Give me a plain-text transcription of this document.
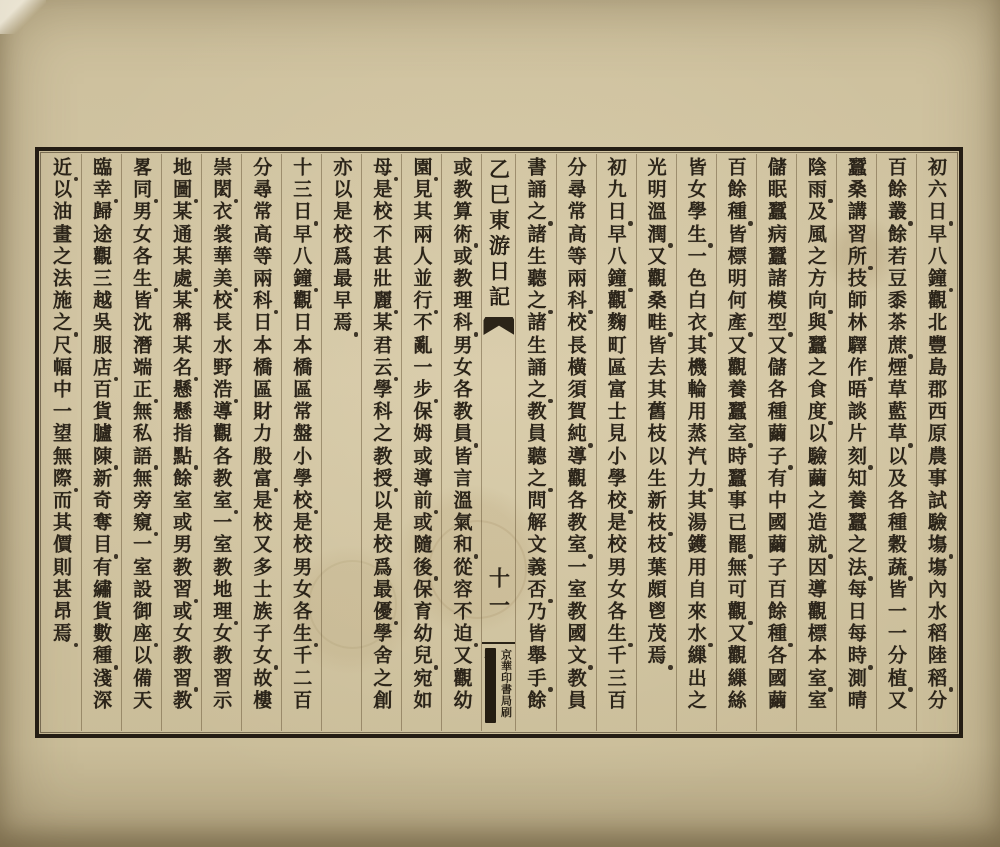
初六日早八鐘觀北豐島郡西原農事試驗塲塲內水稻陸稻分
百餘叢餘若豆黍茶蔗煙草藍草以及各種穀蔬皆一一分植又
蠶桑講習所技師林驛作晤談片刻知養蠶之法每日每時測晴
陰雨及風之方向與蠶之食度以驗繭之造就因導觀標本室室
儲眠蠶病蠶諸模型又儲各種繭子有中國繭子百餘種各國繭
百餘種皆標明何產又觀養蠶室時蠶事已罷無可觀又觀繅絲
皆女學生一色白衣其機輪用蒸汽力其湯鑊用自來水繅出之
光明溫潤又觀桑畦皆去其舊枝以生新枝枝葉頗鬯茂焉
初九日早八鐘觀麴町區富士見小學校是校男女各生千三百
分尋常高等兩科校長橫須賀純導觀各教室一室教國文教員
書誦之諸生聽之諸生誦之教員聽之問解文義否乃皆舉手餘
乙巳東游日記
十一
京華印書局刷印
或教算術或教理科男女各教員皆言溫氣和從容不迫又觀幼
園見其兩人並行不亂一步保姆或導前或隨後保育幼兒宛如
母是校不甚壯麗某君云學科之教授以是校爲最優學舍之創
亦以是校爲最早焉
十三日早八鐘觀日本橋區常盤小學校是校男女各生千二百
分尋常高等兩科日本橋區財力殷富是校又多士族子女故樓
崇閎衣裳華美校長水野浩導觀各教室一室教地理女教習示
地圖某通某處某稱某名懸懸指點餘室或男教習或女教習教
畧同男女各生皆沈潛端正無私語無旁窺一室設御座以備天
臨幸歸途觀三越吳服店百貨臚陳新奇奪目有繡貨數種淺深
近以油畫之法施之尺幅中一望無際而其價則甚昂焉
